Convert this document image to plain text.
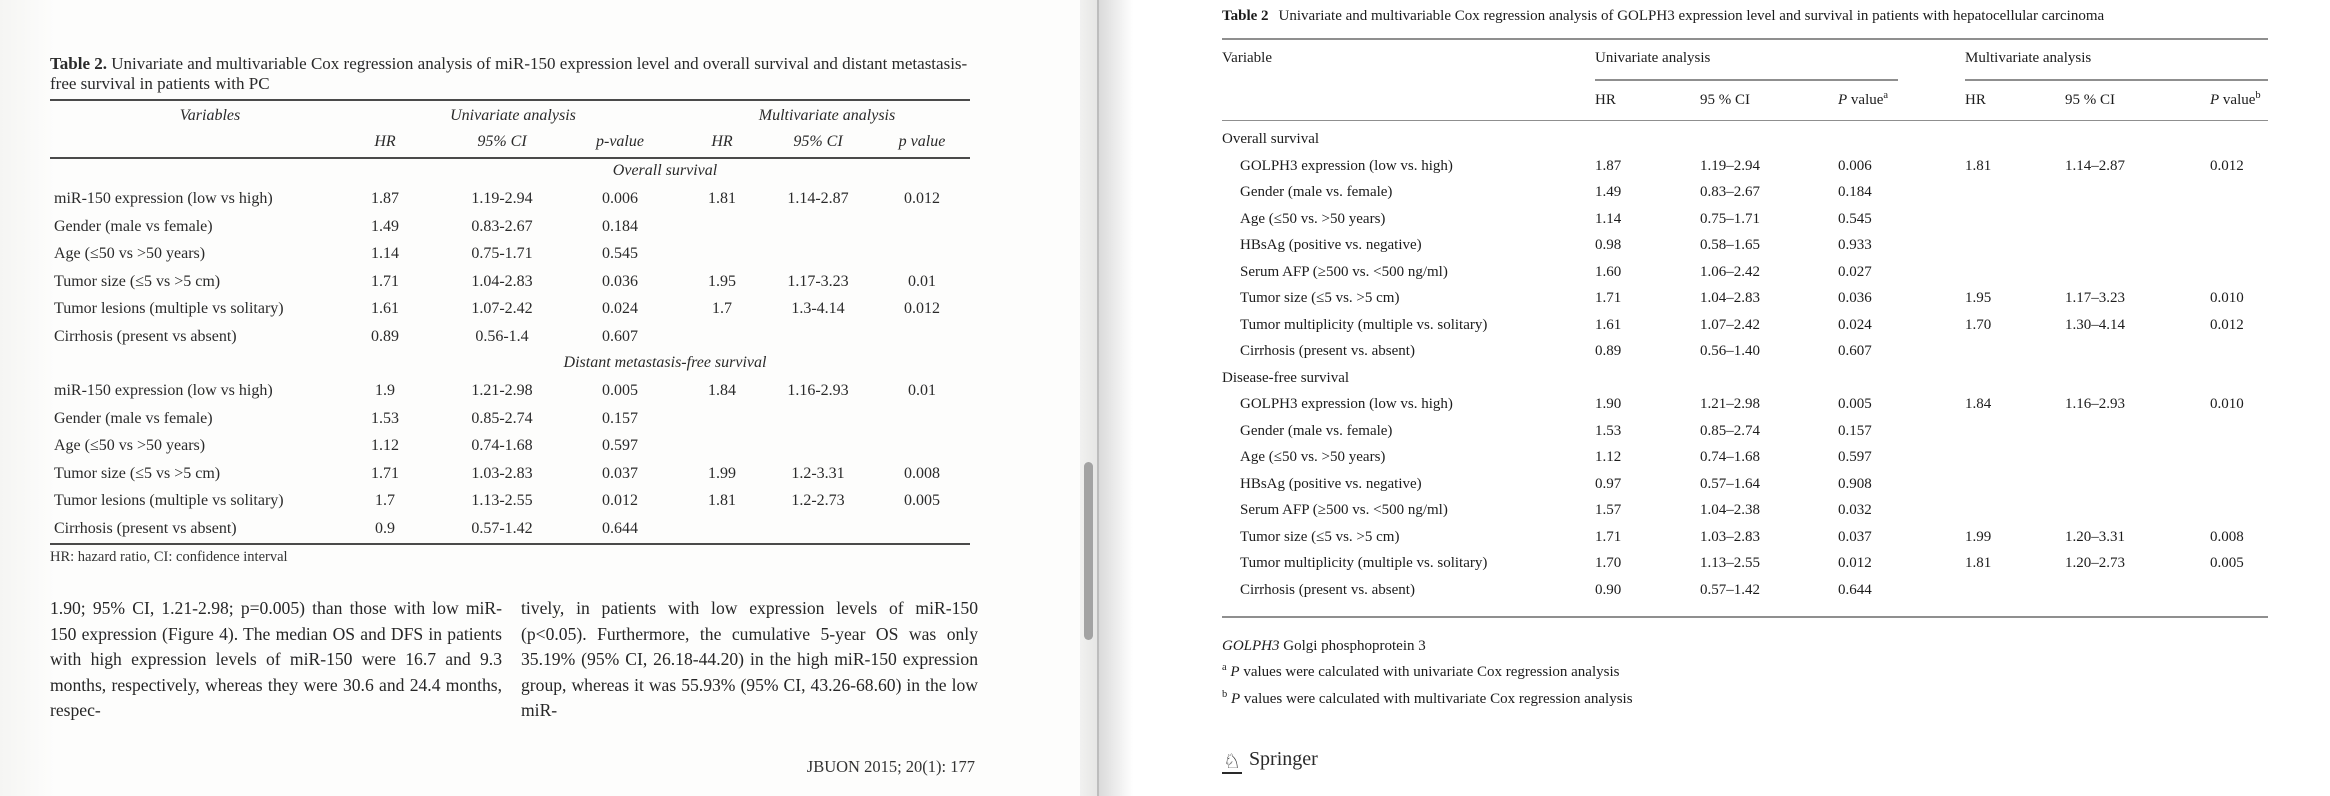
Table 2. Univariate and multivariable Cox regression analysis of miR-150 expression level and overall survival and distant metastasis-free survival in patients with PC
Variables	Univariate analysis	Multivariate analysis
HR	95% CI	p-value	HR	95% CI	p value
Overall survival
miR-150 expression (low vs high)	1.87	1.19-2.94	0.006	1.81	1.14-2.87	0.012
Gender (male vs female)	1.49	0.83-2.67	0.184
Age (≤50 vs >50 years)	1.14	0.75-1.71	0.545
Tumor size (≤5 vs >5 cm)	1.71	1.04-2.83	0.036	1.95	1.17-3.23	0.01
Tumor lesions (multiple vs solitary)	1.61	1.07-2.42	0.024	1.7	1.3-4.14	0.012
Cirrhosis (present vs absent)	0.89	0.56-1.4	0.607
Distant metastasis-free survival
miR-150 expression (low vs high)	1.9	1.21-2.98	0.005	1.84	1.16-2.93	0.01
Gender (male vs female)	1.53	0.85-2.74	0.157
Age (≤50 vs >50 years)	1.12	0.74-1.68	0.597
Tumor size (≤5 vs >5 cm)	1.71	1.03-2.83	0.037	1.99	1.2-3.31	0.008
Tumor lesions (multiple vs solitary)	1.7	1.13-2.55	0.012	1.81	1.2-2.73	0.005
Cirrhosis (present vs absent)	0.9	0.57-1.42	0.644
HR: hazard ratio, CI: confidence interval
1.90; 95% CI, 1.21-2.98; p=0.005) than those with low miR-150 expression (Figure 4). The median OS and DFS in patients with high expression levels of miR-150 were 16.7 and 9.3 months, respectively, whereas they were 30.6 and 24.4 months, respec-
tively, in patients with low expression levels of miR-150 (p<0.05). Furthermore, the cumulative 5-year OS was only 35.19% (95% CI, 26.18-44.20) in the high miR-150 expression group, whereas it was 55.93% (95% CI, 43.26-68.60) in the low miR-
JBUON 2015; 20(1): 177
Table 2 Univariate and multivariable Cox regression analysis of GOLPH3 expression level and survival in patients with hepatocellular carcinoma
Variable	Univariate analysis	Multivariate analysis
HR	95 % CI	P value$^a$	HR	95 % CI	P value$^b$
Overall survival
GOLPH3 expression (low vs. high)	1.87	1.19–2.94	0.006	1.81	1.14–2.87	0.012
Gender (male vs. female)	1.49	0.83–2.67	0.184
Age (≤50 vs. >50 years)	1.14	0.75–1.71	0.545
HBsAg (positive vs. negative)	0.98	0.58–1.65	0.933
Serum AFP (≥500 vs. <500 ng/ml)	1.60	1.06–2.42	0.027
Tumor size (≤5 vs. >5 cm)	1.71	1.04–2.83	0.036	1.95	1.17–3.23	0.010
Tumor multiplicity (multiple vs. solitary)	1.61	1.07–2.42	0.024	1.70	1.30–4.14	0.012
Cirrhosis (present vs. absent)	0.89	0.56–1.40	0.607
Disease-free survival
GOLPH3 expression (low vs. high)	1.90	1.21–2.98	0.005	1.84	1.16–2.93	0.010
Gender (male vs. female)	1.53	0.85–2.74	0.157
Age (≤50 vs. >50 years)	1.12	0.74–1.68	0.597
HBsAg (positive vs. negative)	0.97	0.57–1.64	0.908
Serum AFP (≥500 vs. <500 ng/ml)	1.57	1.04–2.38	0.032
Tumor size (≤5 vs. >5 cm)	1.71	1.03–2.83	0.037	1.99	1.20–3.31	0.008
Tumor multiplicity (multiple vs. solitary)	1.70	1.13–2.55	0.012	1.81	1.20–2.73	0.005
Cirrhosis (present vs. absent)	0.90	0.57–1.42	0.644
GOLPH3 Golgi phosphoprotein 3
$^a$ P values were calculated with univariate Cox regression analysis
$^b$ P values were calculated with multivariate Cox regression analysis
♘ Springer
